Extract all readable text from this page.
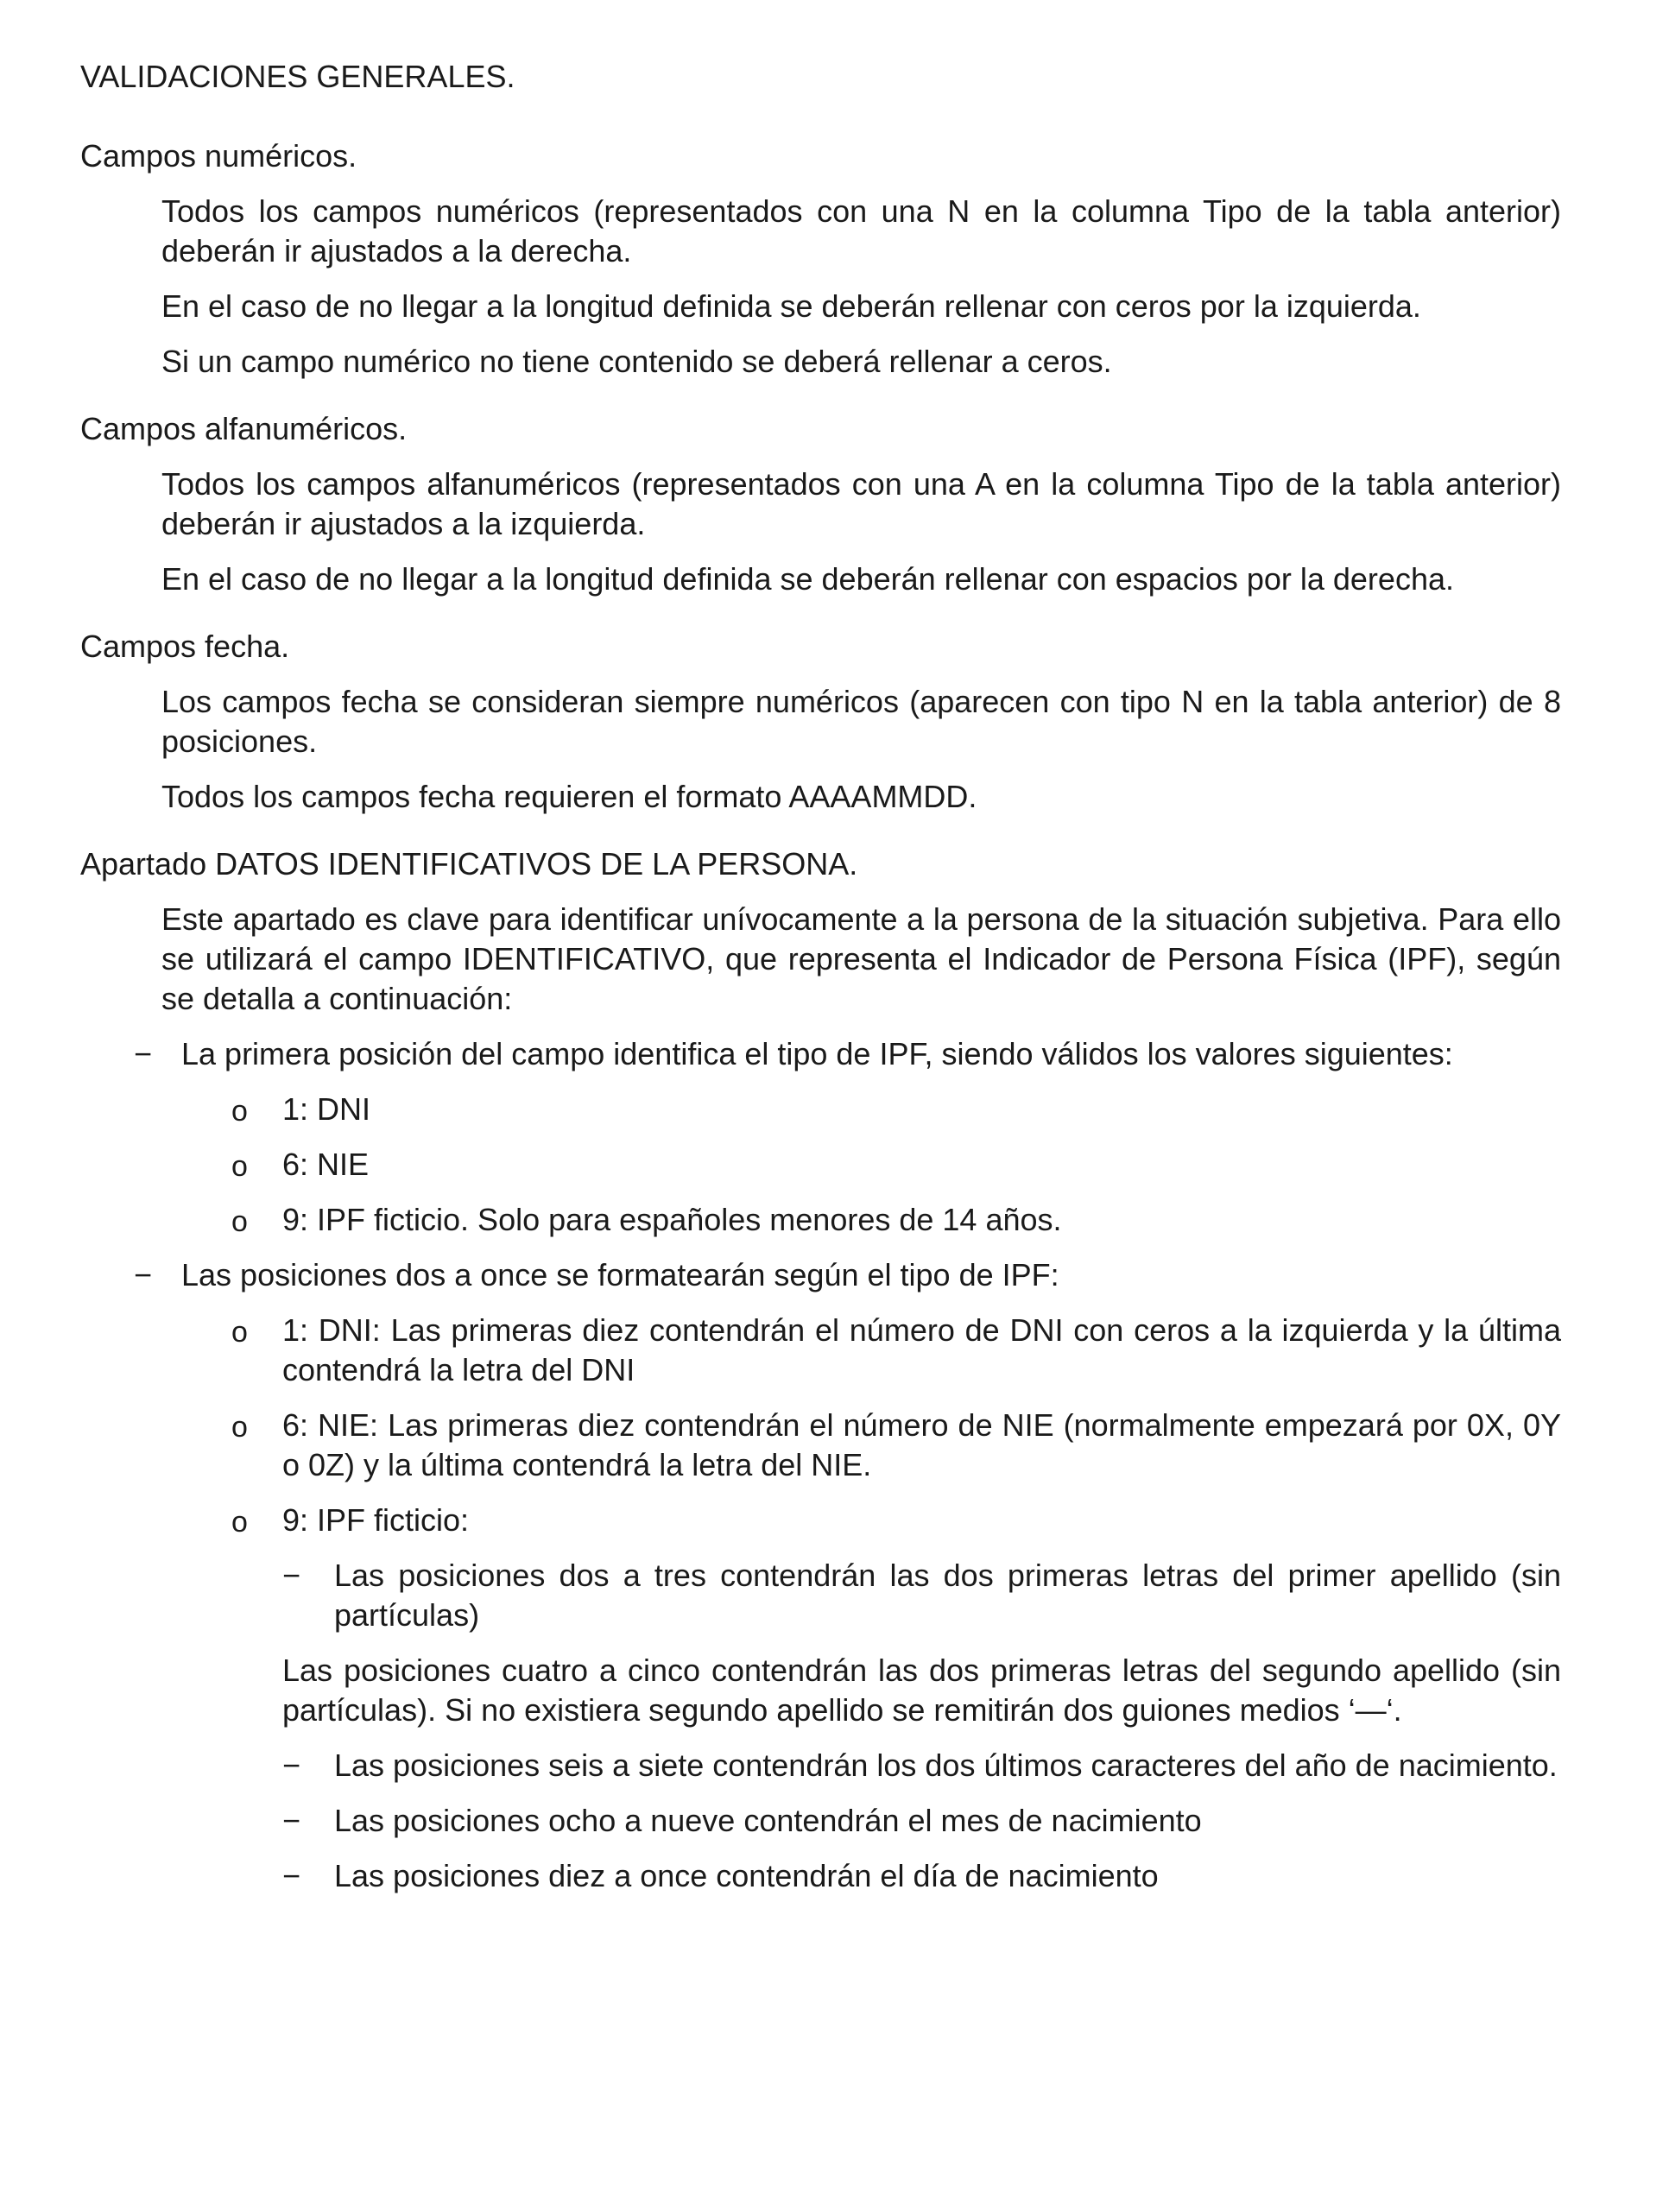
VALIDACIONES GENERALES.
Campos numéricos.

Todos los campos numéricos (representados con una N en la columna Tipo de la tabla anterior) deberán ir ajustados a la derecha.

En el caso de no llegar a la longitud definida se deberán rellenar con ceros por la izquierda.

Si un campo numérico no tiene contenido se deberá rellenar a ceros.

Campos alfanuméricos.

Todos los campos alfanuméricos (representados con una A en la columna Tipo de la tabla anterior) deberán ir ajustados a la izquierda.

En el caso de no llegar a la longitud definida se deberán rellenar con espacios por la derecha.

Campos fecha.

Los campos fecha se consideran siempre numéricos (aparecen con tipo N en la tabla anterior) de 8 posiciones.

Todos los campos fecha requieren el formato AAAAMMDD.

Apartado DATOS IDENTIFICATIVOS DE LA PERSONA.

Este apartado es clave para identificar unívocamente a la persona de la situación subjetiva. Para ello se utilizará el campo IDENTIFICATIVO, que representa el Indicador de Persona Física (IPF), según se detalla a continuación:

− La primera posición del campo identifica el tipo de IPF, siendo válidos los valores siguientes:
o 1: DNI
o 6: NIE
o 9: IPF ficticio. Solo para españoles menores de 14 años.
− Las posiciones dos a once se formatearán según el tipo de IPF:
o 1: DNI: Las primeras diez contendrán el número de DNI con ceros a la izquierda y la última contendrá la letra del DNI
o 6: NIE: Las primeras diez contendrán el número de NIE (normalmente empezará por 0X, 0Y o 0Z) y la última contendrá la letra del NIE.
o 9: IPF ficticio:
− Las posiciones dos a tres contendrán las dos primeras letras del primer apellido (sin partículas)

Las posiciones cuatro a cinco contendrán las dos primeras letras del segundo apellido (sin partículas). Si no existiera segundo apellido se remitirán dos guiones medios ‘—‘.

− Las posiciones seis a siete contendrán los dos últimos caracteres del año de nacimiento.
− Las posiciones ocho a nueve contendrán el mes de nacimiento
− Las posiciones diez a once contendrán el día de nacimiento
